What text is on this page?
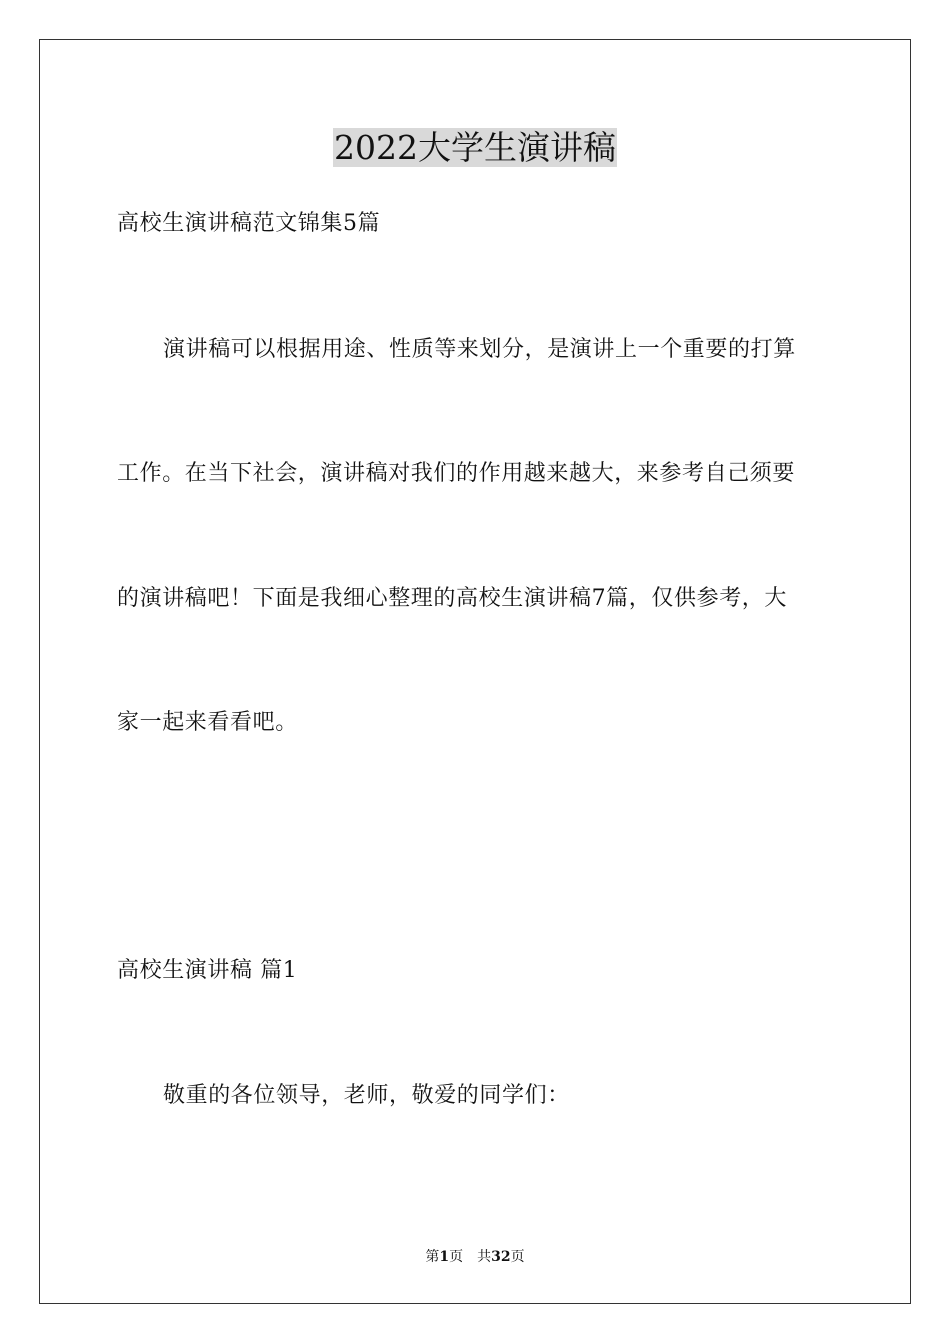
2022大学生演讲稿
高校生演讲稿范文锦集5篇
演讲稿可以根据用途、性质等来划分，是演讲上一个重要的打算
工作。在当下社会，演讲稿对我们的作用越来越大，来参考自己须要
的演讲稿吧！下面是我细心整理的高校生演讲稿7篇，仅供参考，大
家一起来看看吧。
高校生演讲稿 篇1
敬重的各位领导，老师，敬爱的同学们：
第1页 共32页
